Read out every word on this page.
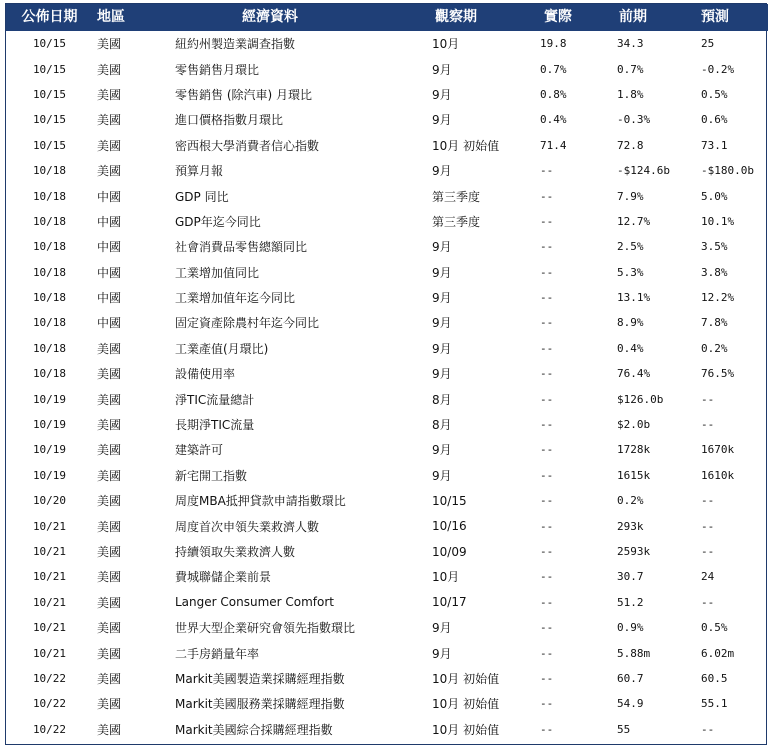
公佈日期	地區	經濟資料	觀察期	實際	前期	預測
10/15	美國	紐約州製造業調查指數	10月	19.8	34.3	25
10/15	美國	零售銷售月環比	9月	0.7%	0.7%	-0.2%
10/15	美國	零售銷售 (除汽車) 月環比	9月	0.8%	1.8%	0.5%
10/15	美國	進口價格指數月環比	9月	0.4%	-0.3%	0.6%
10/15	美國	密西根大學消費者信心指數	10月 初始值	71.4	72.8	73.1
10/18	美國	預算月報	9月	--	-$124.6b	-$180.0b
10/18	中國	GDP 同比	第三季度	--	7.9%	5.0%
10/18	中國	GDP年迄今同比	第三季度	--	12.7%	10.1%
10/18	中國	社會消費品零售總額同比	9月	--	2.5%	3.5%
10/18	中國	工業增加值同比	9月	--	5.3%	3.8%
10/18	中國	工業增加值年迄今同比	9月	--	13.1%	12.2%
10/18	中國	固定資產除農村年迄今同比	9月	--	8.9%	7.8%
10/18	美國	工業產值(月環比)	9月	--	0.4%	0.2%
10/18	美國	設備使用率	9月	--	76.4%	76.5%
10/19	美國	淨TIC流量總計	8月	--	$126.0b	--
10/19	美國	長期淨TIC流量	8月	--	$2.0b	--
10/19	美國	建築許可	9月	--	1728k	1670k
10/19	美國	新宅開工指數	9月	--	1615k	1610k
10/20	美國	周度MBA抵押貸款申請指數環比	10/15	--	0.2%	--
10/21	美國	周度首次申領失業救濟人數	10/16	--	293k	--
10/21	美國	持續領取失業救濟人數	10/09	--	2593k	--
10/21	美國	費城聯儲企業前景	10月	--	30.7	24
10/21	美國	Langer Consumer Comfort	10/17	--	51.2	--
10/21	美國	世界大型企業研究會領先指數環比	9月	--	0.9%	0.5%
10/21	美國	二手房銷量年率	9月	--	5.88m	6.02m
10/22	美國	Markit美國製造業採購經理指數	10月 初始值	--	60.7	60.5
10/22	美國	Markit美國服務業採購經理指數	10月 初始值	--	54.9	55.1
10/22	美國	Markit美國綜合採購經理指數	10月 初始值	--	55	--
